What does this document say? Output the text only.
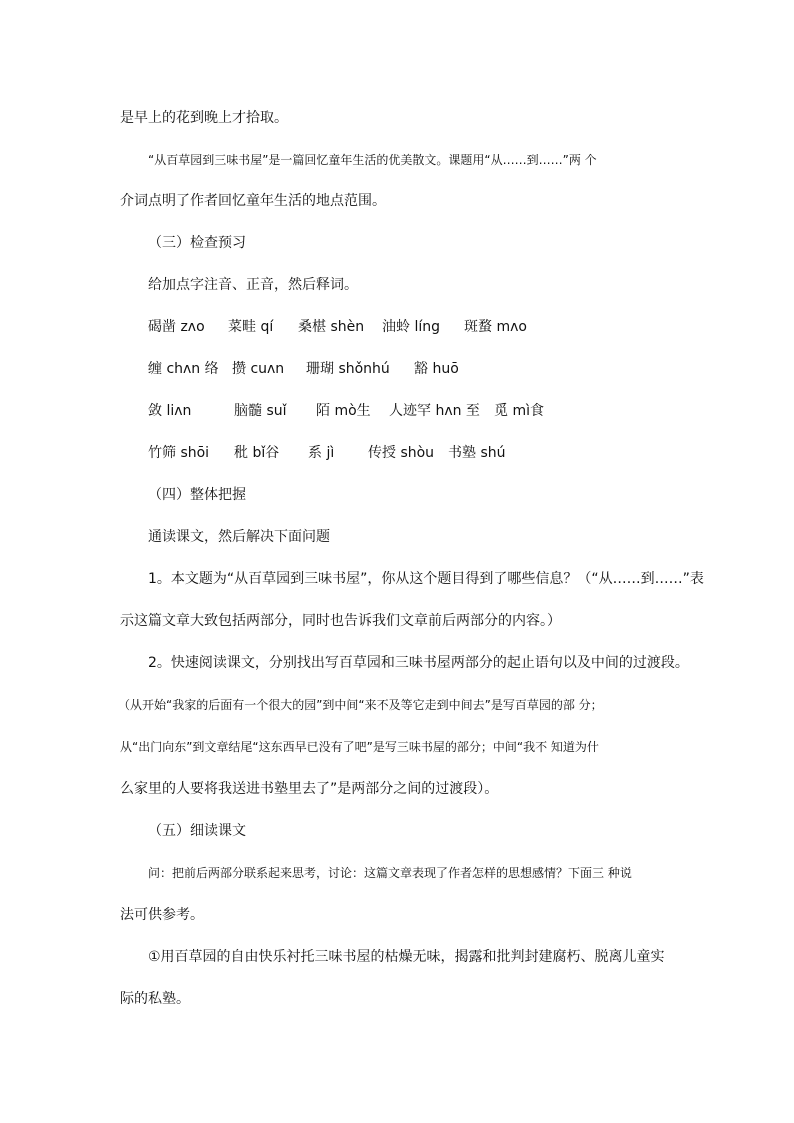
是早上的花到晚上才拾取。
“从百草园到三味书屋”是一篇回忆童年生活的优美散文。课题用“从……到……”两 个
介词点明了作者回忆童年生活的地点范围。
（三）检查预习
给加点字注音、正音，然后释词。
碣凿 zʌo 菜畦 qí 桑椹 shèn 油蛉 líng 斑蝥 mʌo
缠 chʌn 络 攒 cuʌn 珊瑚 shǒnhú 豁 huō
敛 liʌn	脑髓 suǐ 陌 mò生 人迹罕 hʌn 至 觅 mì食
竹筛 shōi 秕 bǐ谷 系 jì 传授 shòu 书塾 shú
（四）整体把握
通读课文，然后解决下面问题
1。本文题为“从百草园到三味书屋”，你从这个题目得到了哪些信息？（“从……到……”表
示这篇文章大致包括两部分，同时也告诉我们文章前后两部分的内容。）
2。快速阅读课文，分别找出写百草园和三味书屋两部分的起止语句以及中间的过渡段。
（从开始“我家的后面有一个很大的园”到中间“来不及等它走到中间去”是写百草园的部 分；
从“出门向东”到文章结尾“这东西早已没有了吧”是写三味书屋的部分；中间“我不 知道为什
么家里的人要将我送进书塾里去了”是两部分之间的过渡段）。
（五）细读课文
问：把前后两部分联系起来思考，讨论：这篇文章表现了作者怎样的思想感情？下面三 种说
法可供参考。
①用百草园的自由快乐衬托三味书屋的枯燥无味，揭露和批判封建腐朽、脱离儿童实
际的私塾。
